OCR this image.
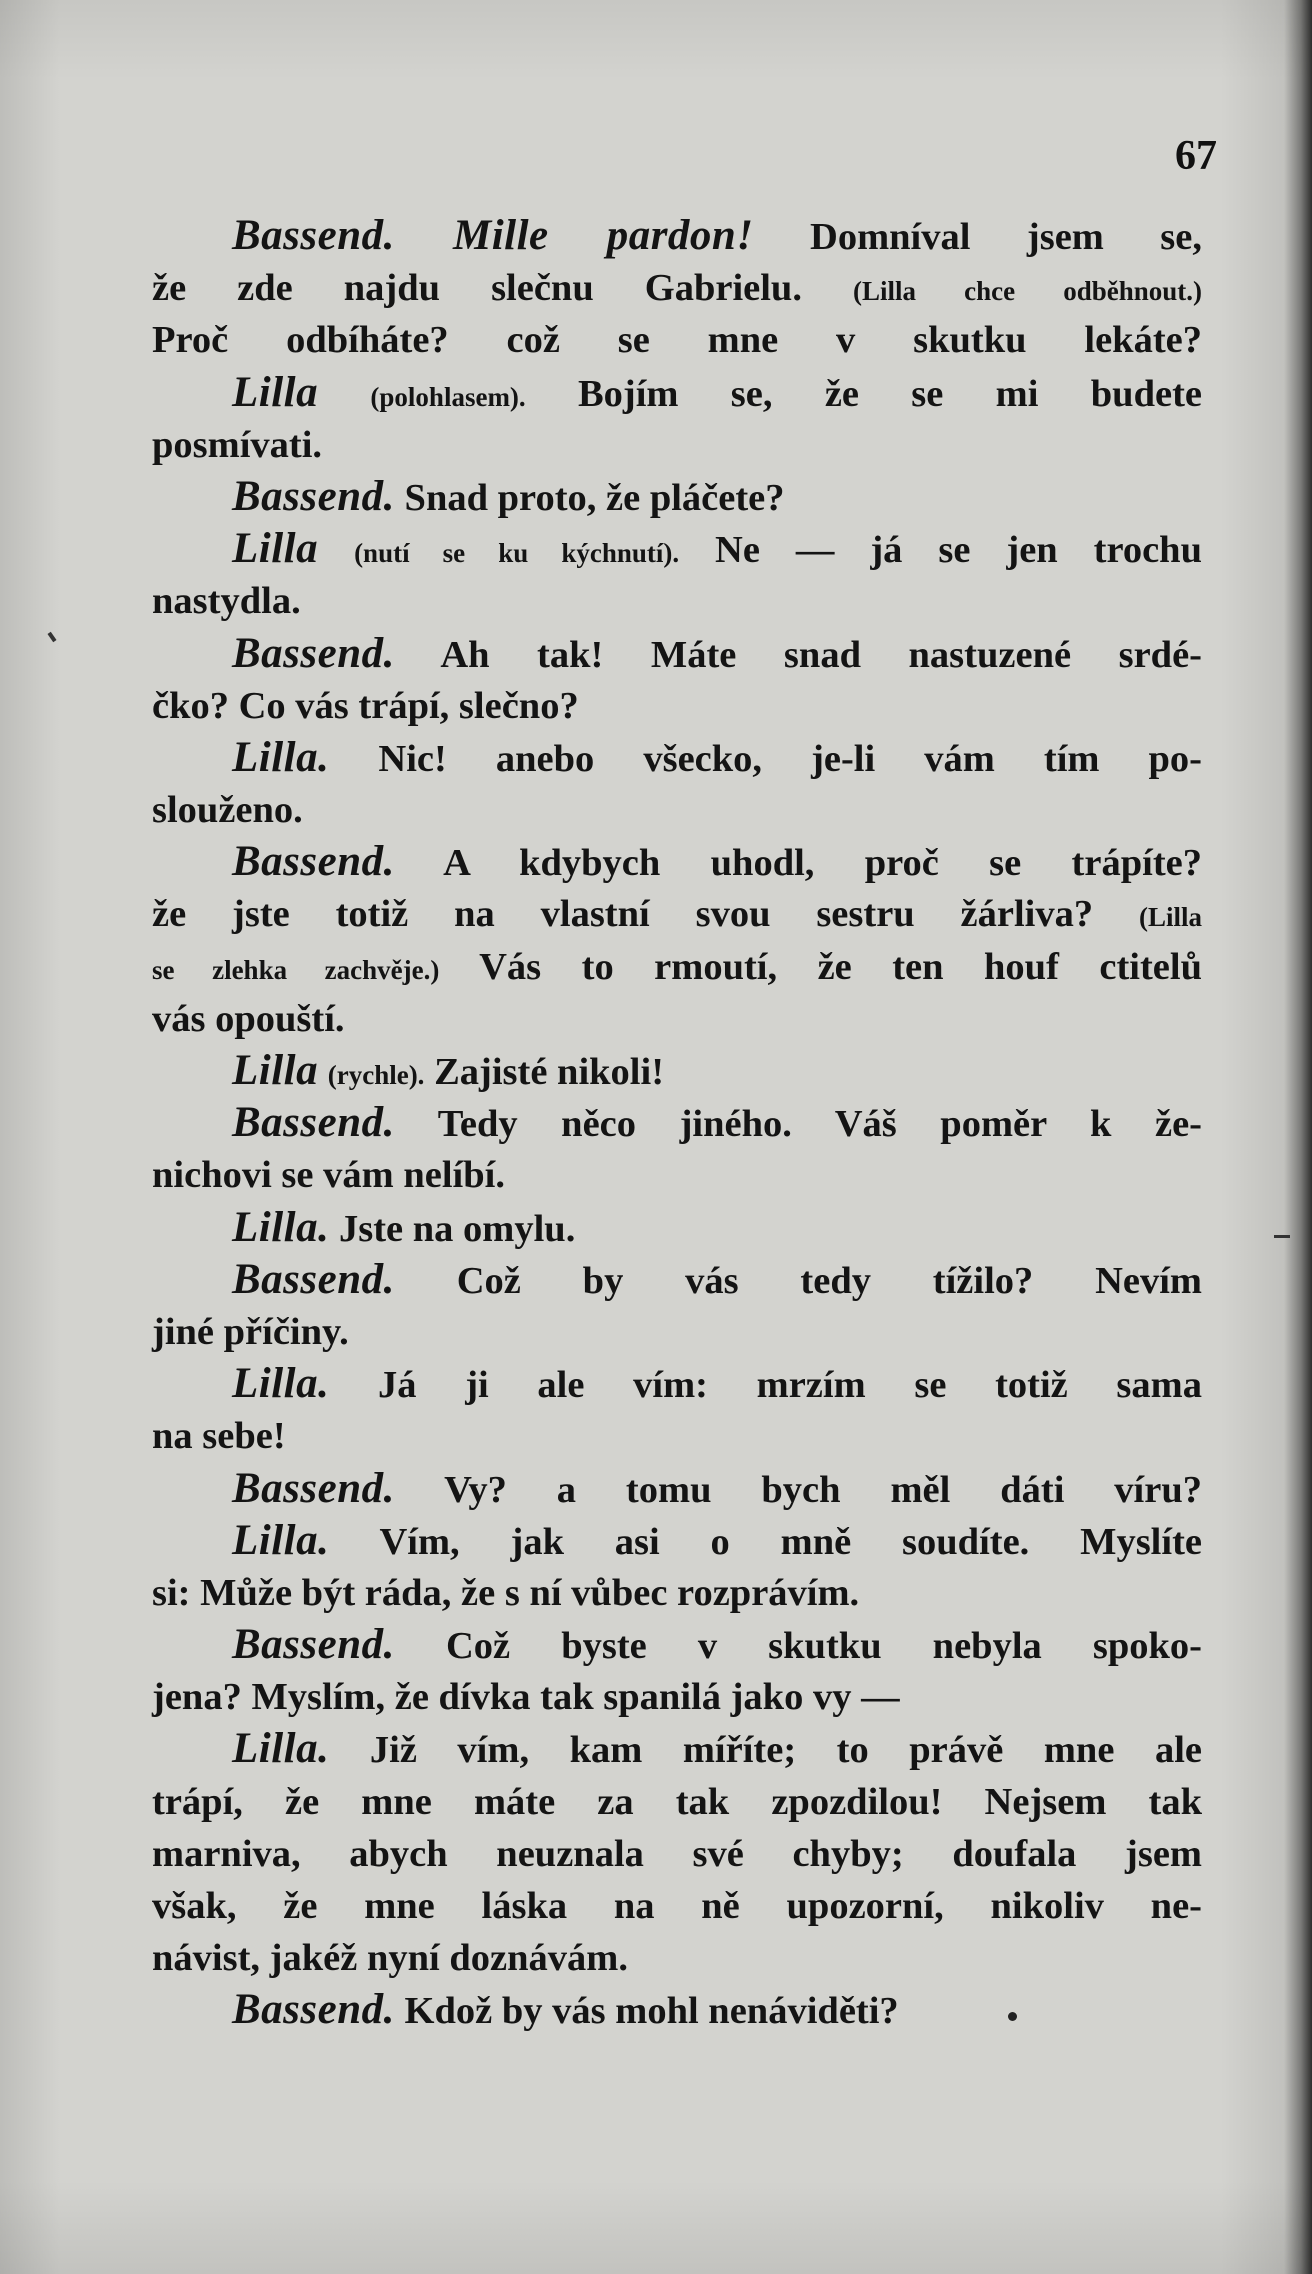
67
Bassend. Mille pardon! Domníval jsem se,
že zde najdu slečnu Gabrielu. (Lilla chce odběhnout.)
Proč odbíháte? což se mne v skutku lekáte?
Lilla (polohlasem). Bojím se, že se mi budete
posmívati.
Bassend. Snad proto, že pláčete?
Lilla (nutí se ku kýchnutí). Ne — já se jen trochu
nastydla.
Bassend. Ah tak! Máte snad nastuzené srdé-
čko? Co vás trápí, slečno?
Lilla. Nic! anebo všecko, je-li vám tím po-
slouženo.
Bassend. A kdybych uhodl, proč se trápíte?
že jste totiž na vlastní svou sestru žárliva? (Lilla
se zlehka zachvěje.) Vás to rmoutí, že ten houf ctitelů
vás opouští.
Lilla (rychle). Zajisté nikoli!
Bassend. Tedy něco jiného. Váš poměr k že-
nichovi se vám nelíbí.
Lilla. Jste na omylu.
Bassend. Což by vás tedy tížilo? Nevím
jiné příčiny.
Lilla. Já ji ale vím: mrzím se totiž sama
na sebe!
Bassend. Vy? a tomu bych měl dáti víru?
Lilla. Vím, jak asi o mně soudíte. Myslíte
si: Může být ráda, že s ní vůbec rozprávím.
Bassend. Což byste v skutku nebyla spoko-
jena? Myslím, že dívka tak spanilá jako vy —
Lilla. Již vím, kam míříte; to právě mne ale
trápí, že mne máte za tak zpozdilou! Nejsem tak
marniva, abych neuznala své chyby; doufala jsem
však, že mne láska na ně upozorní, nikoliv ne-
návist, jakéž nyní doznávám.
Bassend. Kdož by vás mohl nenáviděti?
